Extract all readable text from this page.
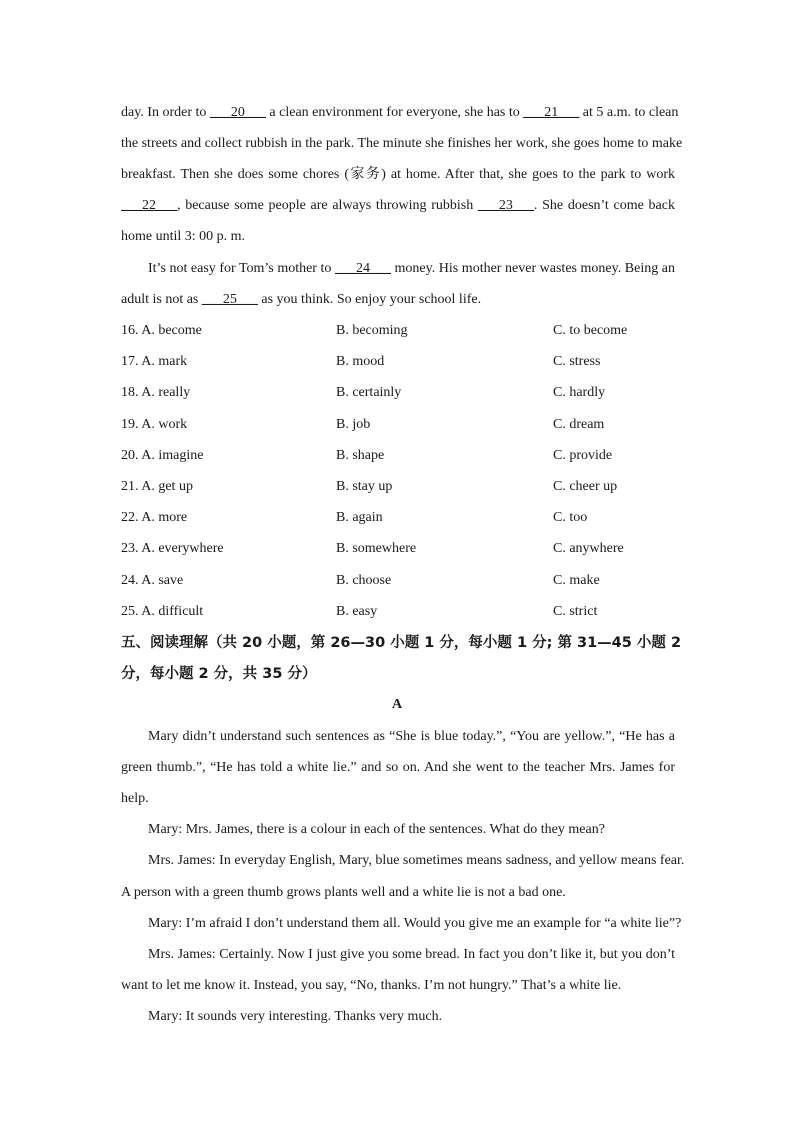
day. In order to ___20___ a clean environment for everyone, she has to ___21___ at 5 a.m. to clean
the streets and collect rubbish in the park. The minute she finishes her work, she goes home to make
breakfast. Then she does some chores (家务) at home. After that, she goes to the park to work
___22___, because some people are always throwing rubbish ___23___. She doesn’t come back
home until 3: 00 p. m.
It’s not easy for Tom’s mother to ___24___ money. His mother never wastes money. Being an
adult is not as ___25___ as you think. So enjoy your school life.
16. A. become	B. becoming	C. to become
17. A. mark	B. mood	C. stress
18. A. really	B. certainly	C. hardly
19. A. work	B. job	C. dream
20. A. imagine	B. shape	C. provide
21. A. get up	B. stay up	C. cheer up
22. A. more	B. again	C. too
23. A. everywhere	B. somewhere	C. anywhere
24. A. save	B. choose	C. make
25. A. difficult	B. easy	C. strict
五、阅读理解（共 20 小题，第 26—30 小题 1 分，每小题 1 分; 第 31—45 小题 2
分，每小题 2 分，共 35 分）
A
Mary didn’t understand such sentences as “She is blue today.”, “You are yellow.”, “He has a
green thumb.”, “He has told a white lie.” and so on. And she went to the teacher Mrs. James for
help.
Mary: Mrs. James, there is a colour in each of the sentences. What do they mean?
Mrs. James: In everyday English, Mary, blue sometimes means sadness, and yellow means fear.
A person with a green thumb grows plants well and a white lie is not a bad one.
Mary: I’m afraid I don’t understand them all. Would you give me an example for “a white lie”?
Mrs. James: Certainly. Now I just give you some bread. In fact you don’t like it, but you don’t
want to let me know it. Instead, you say, “No, thanks. I’m not hungry.” That’s a white lie.
Mary: It sounds very interesting. Thanks very much.
